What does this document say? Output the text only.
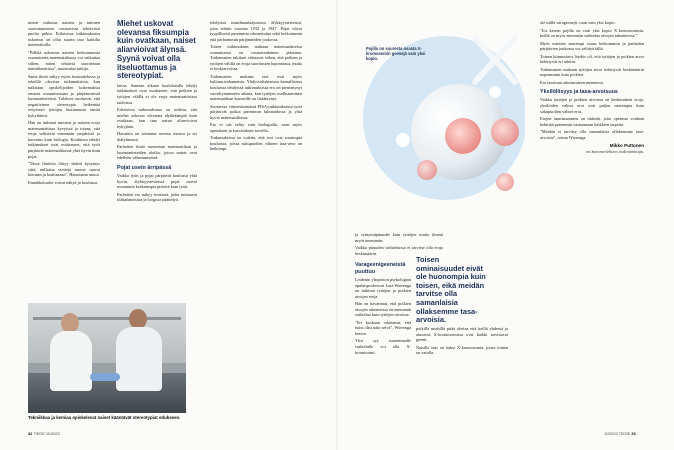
misen vaikutus naisten ja miesten suoriutumiseen vastaavissa tehtävissä puolta pitkin. Erilaisissa tutkimuksissa uskomus on ollut suurin taso kaikilla tieteenaloilla.

"Pelkkä uskomus naisten heikommasta osaamisesta matematiikassa voi vaikuttaa siihen, miten tehtäviä suoritetaan tenttitilanteissa", muistuttaa tutkija.

Sama ilmiö näkyy myös haastattelussa ja tekeillä olevissa tutkimuksissa, kun tutkitaan opiskelijoiden kokemuksia omasta osaamisestaan ja pärjäämisestä luonnontieteissä. Tulokset osoittavat, että negatiivinen stereotypia heikentää erityisesti tyttöjen luottamusta omiin kykyihinsä.

Hän on tutkinut miesten ja naisten eroja matemaattisissa kyvyissä ja toteaa, että eroja selittävät enemmän ympäristö ja kasvatus kuin biologia. Kouluissa tehdyt tutkimukset ovat osoittaneet, että tytöt pärjäävät matematiikassa yhtä hyvin kuin pojat.

"Tässä ilmiöön liittyy tärkeä kysymys siitä, millaisia viestejä nuoret saavat kotoaan ja koulustaan", Hausmann sanoo.

Ennakkoluulot voivat näkyä jo koulussa.

Miehet uskovat olevansa fiksumpia kuin ovatkaan, naiset aliarvioivat älynsä. Syynä voivat olla itseluottamus ja stereotypiat.

laissa. Samaan aikaan koululaisilla tehdyt tutkimukset ovat osoittaneet, että poikien ja tyttöjen välillä ei ole eroja matemaattisissa taidoissa.

Erilaisissa tutkimuksissa on todettu, että miehet uskovat olevansa älykkäämpiä kuin ovatkaan, kun taas naiset aliarvioivat kykyjään.

Havainto on toistunut useissa maissa ja eri ikäryhmissä.

Parhaiten ilmiö tunnetaan matematiikan ja luonnontieteiden aloilta, joissa naiset ovat edelleen vähemmistönä.

Pojat usein ärripässä

Vaikka tytöt ja pojat pärjäävät koulussa yhtä hyvin, älykkyystesteissä pojat saavat useammin korkeampia pisteitä kuin tytöt.

Parhaiten ero näkyy testeissä, jotka mittaavat tilahahmotusta ja loogista päättelyä.

tehdyissä maailmanlaajuisissa älykkyystesteissä, joita tehtiin vuosina 1932 ja 1947. Pojat olivat tyypillisesti paremmin edustettuina sekä heikoimmin että parhaimmin pärjänneiden joukossa.

Toisen tutkimuksen mukaan matemaattisessa osaamisessa on vastaavanlainen jakauma. Tutkimusten tulokset viittaavat siihen, että poikien ja tyttöjen välillä on eroja suoritusten hajonnassa, mutta ei keskiarvoissa.

Tutkimusten mukaan erot ovat myös kulttuurisidonnaisia. Yhdysvaltalaisissa kansallisissa kouluissa tehdyissä tutkimuksissa ero on pienentynyt vuosikymmenten aikana, kun tyttöjen osallistuminen matematiikan kursseille on lisääntynyt.

Suomessa viimeisimmässä PISA-tutkimuksessa tytöt pärjäsivät poikia paremmin lukutaidossa ja yhtä hyvin matematiikassa.

Ero ei siis selity vain biologialla, vaan myös opetuksen ja kasvatuksen tavoilla.

Tutkimuksissa on todettu, että erot ovat suurimpia kouluissa, joissa sukupuolten välinen tasa-arvo on heikompi.

Tekniikkaa ja kemiaa opiskelevat naiset kääntävät stereotypiat edukseen.
32 TIEDE 11/2023
Pojilla on suuresta osasta X-kromosomin geenejä vain yksi kopio.

ja syntymäpituudet kuin tyttöjen mutta ilmeni myös enemmän.

Vaikka pituuden vaihteluissa ei tarvitse olla eroja keskimäärin.

Varageenigeeneistä puuttuu

Leidenin yliopiston psykologian apulaisprofessori Lara Wierenga on tutkinut tyttöjen ja poikien aivojen eroja.

Hän on havainnut, että poikien aivojen rakenteissa on enemmän vaihtelua kuin tyttöjen aivoissa.

"Eri koskaan odottanut, että tulos olisi näin selvä", Wierenga kertoo.

Yksi syy suuremmalle vaihtelulle voi olla X-kromosomi.

Toisen ominaisuudet eivät ole huonompia kuin toisen, eikä meidän tarvitse olla samanlaisia ollaksemme tasa-arvoisia.

poikilla miehillä pitää olettaa että heillä yhdessä ja ainoassa X-kromosomissa ovat kaikki tarvittavat geenit.

Naisilla taas on kaksi X-kromosomia, joista toinen on varalla.

ole niillä varageenejä, vaan vain yksi kopio.

"Jos kerran pojilla on vain yksi kopio X-kromosomista, heillä on myös enemmän vaihtelua aivojen rakenteessa."

Myös miesten suurempi osuus heikoimmin ja parhaiten pärjäävien joukossa voi selittyä tällä.

Toinen kiinnostava löydös oli, että tyttöjen ja poikien aivot kehittyvät eri tahtiin.

Tutkimusten mukaan tyttöjen aivot kehittyvät keskimäärin nopeammin kuin poikien.

Ero tasoittuu aikuisuuteen mennessä.

Yksilöllisyys ja tasa-arvoisuus

Vaikka tyttöjen ja poikien aivoissa on keskimäärin eroja, yksilöiden väliset erot ovat paljon suurempia kuin sukupuolten väliset erot.

Erojen tunnistaminen on tärkeää, jotta opetusta voidaan kehittää paremmin vastaamaan kaikkien tarpeita.

"Meidän ei tarvitse olla samanlaisia ollaksemme tasa-arvoisia", toteaa Wierenga.

Mikko Puttonen
on Sanoma-lehtien tiedetoimittaja.
11/2023 TIEDE 33
